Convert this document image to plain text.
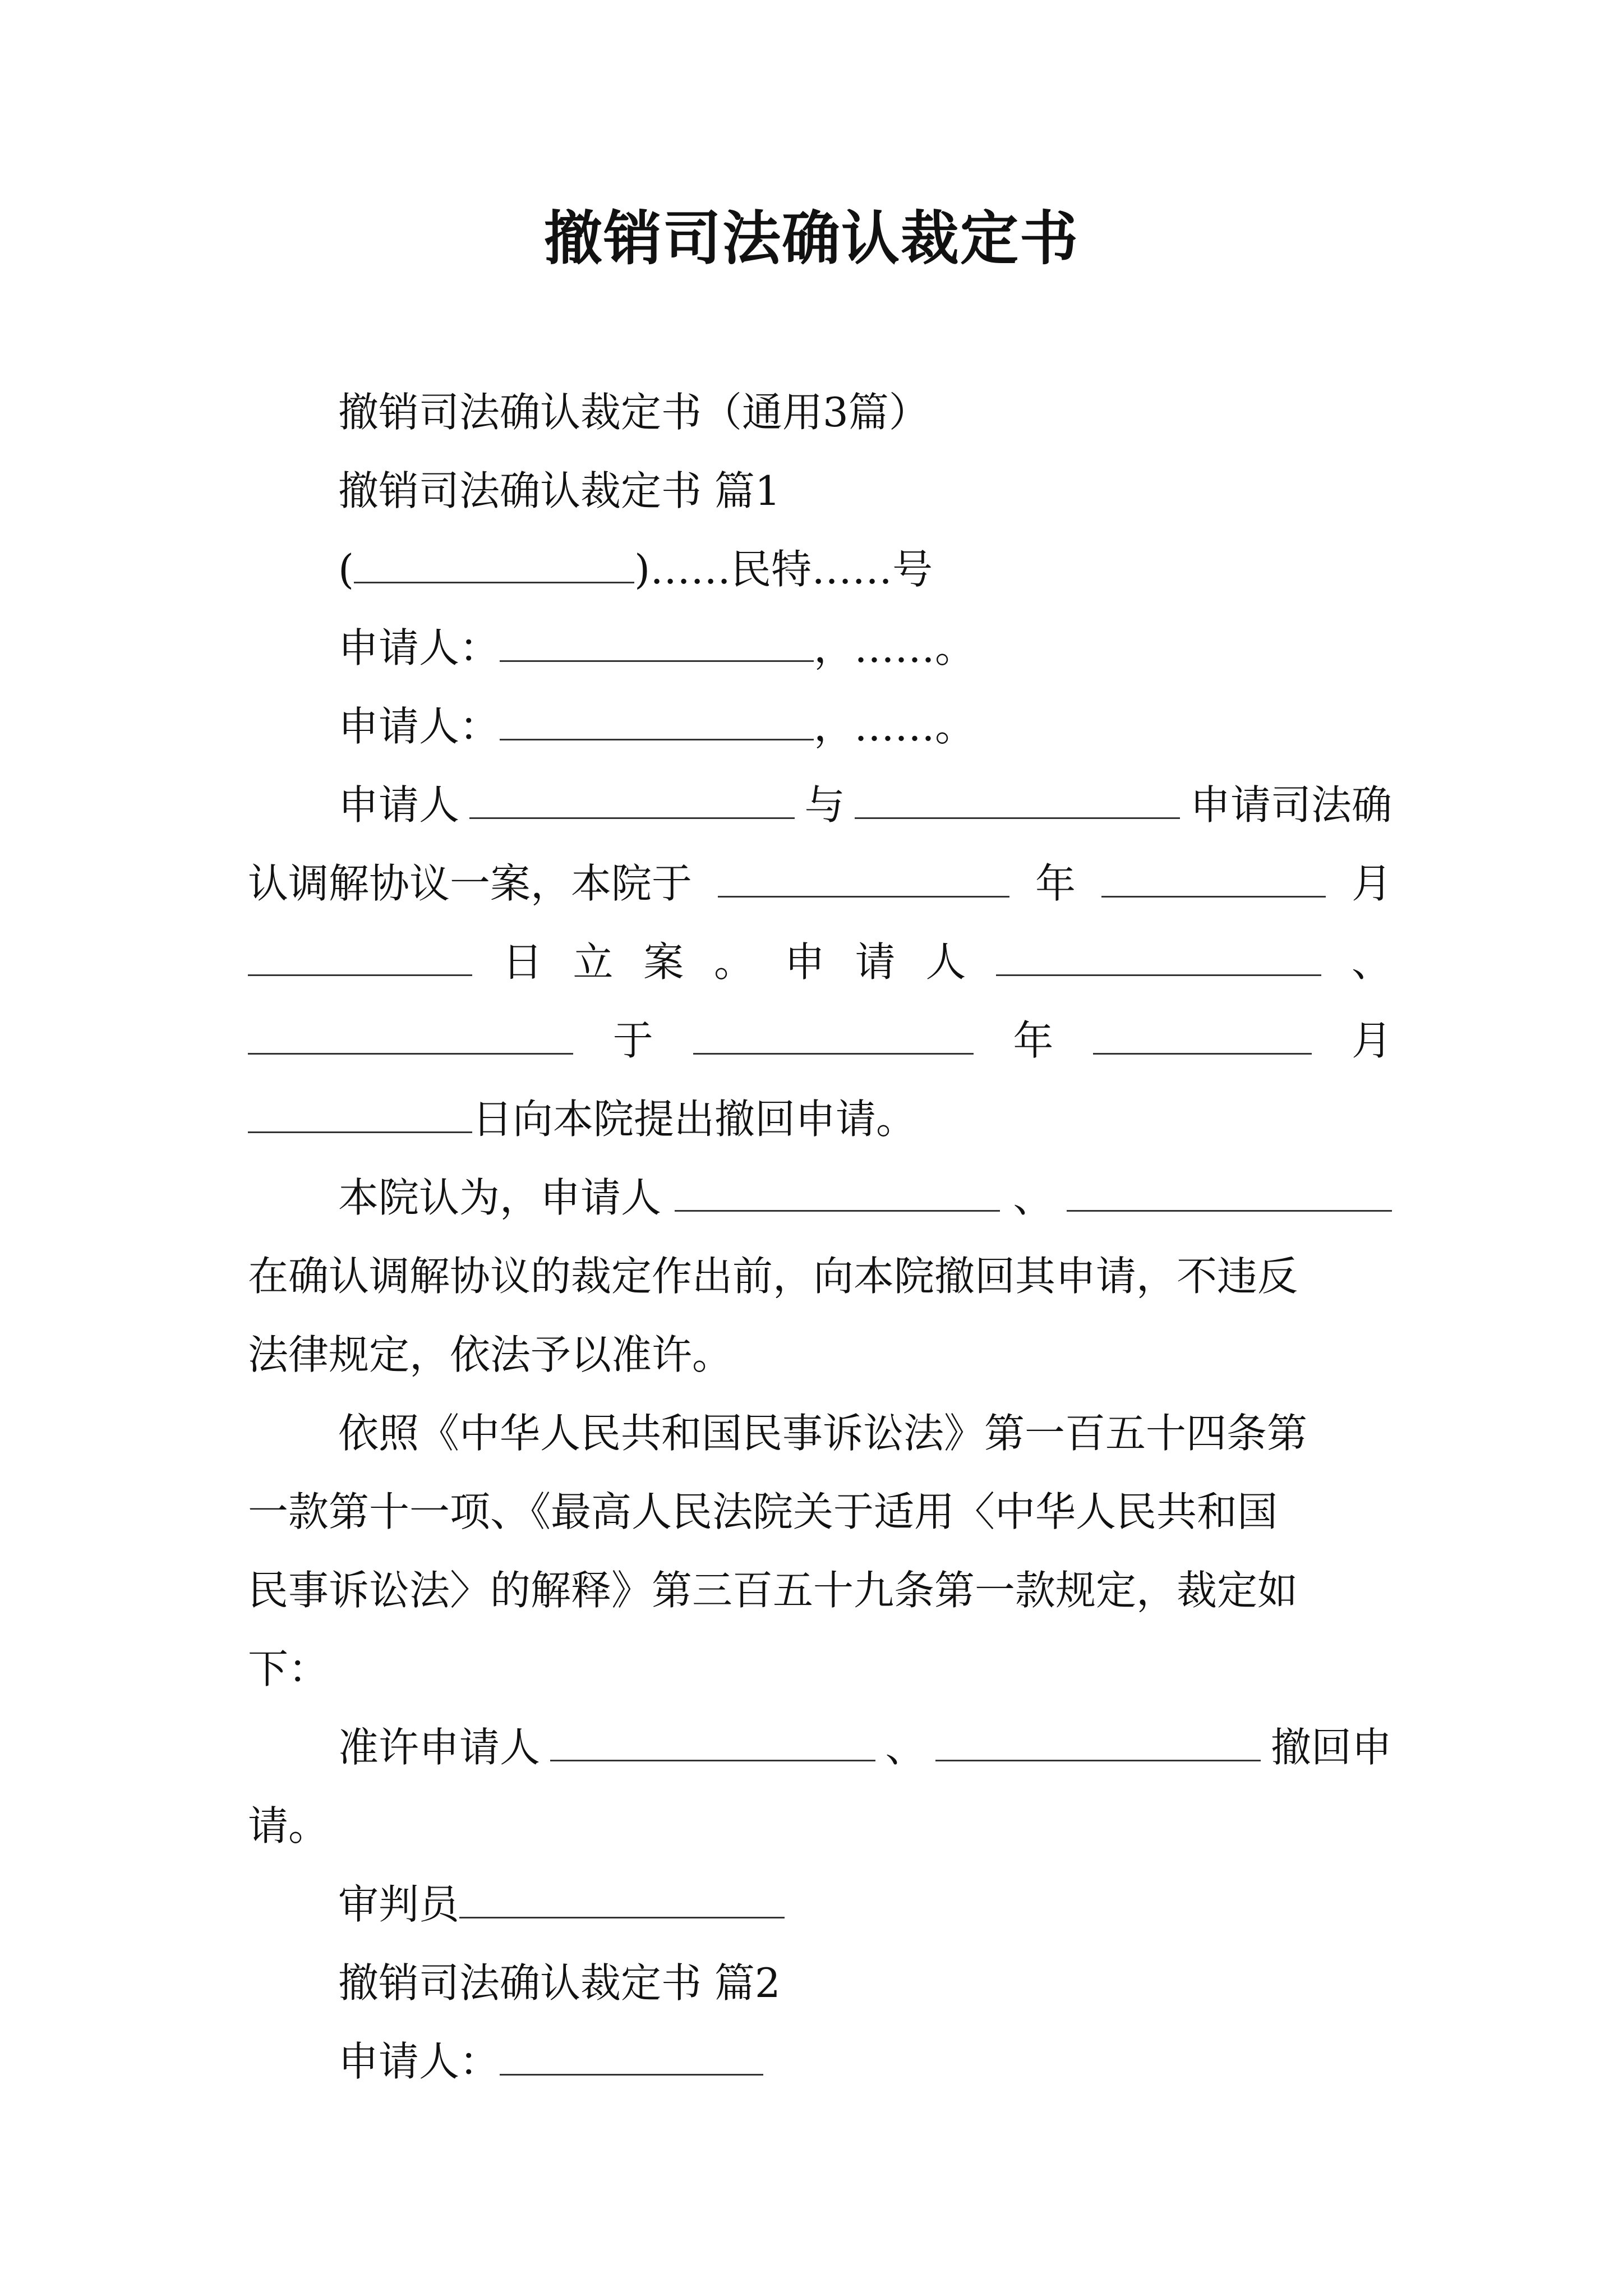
撤销司法确认裁定书

撤销司法确认裁定书（通用3篇）

撤销司法确认裁定书 篇1

(	)……民特……号

申请人：	，……。

申请人：	，……。

申请人	与	申请司法确

认调解协议一案，本院于	年	月

日 立 案 。 申 请 人	、

于	年	月

日向本院提出撤回申请。

本院认为，申请人	、

在确认调解协议的裁定作出前，向本院撤回其申请，不违反

法律规定，依法予以准许。

依照《中华人民共和国民事诉讼法》第一百五十四条第

一款第十一项、《最高人民法院关于适用〈中华人民共和国

民事诉讼法〉的解释》第三百五十九条第一款规定，裁定如

下：

准许申请人	、	撤回申

请。

审判员

撤销司法确认裁定书 篇2

申请人：
